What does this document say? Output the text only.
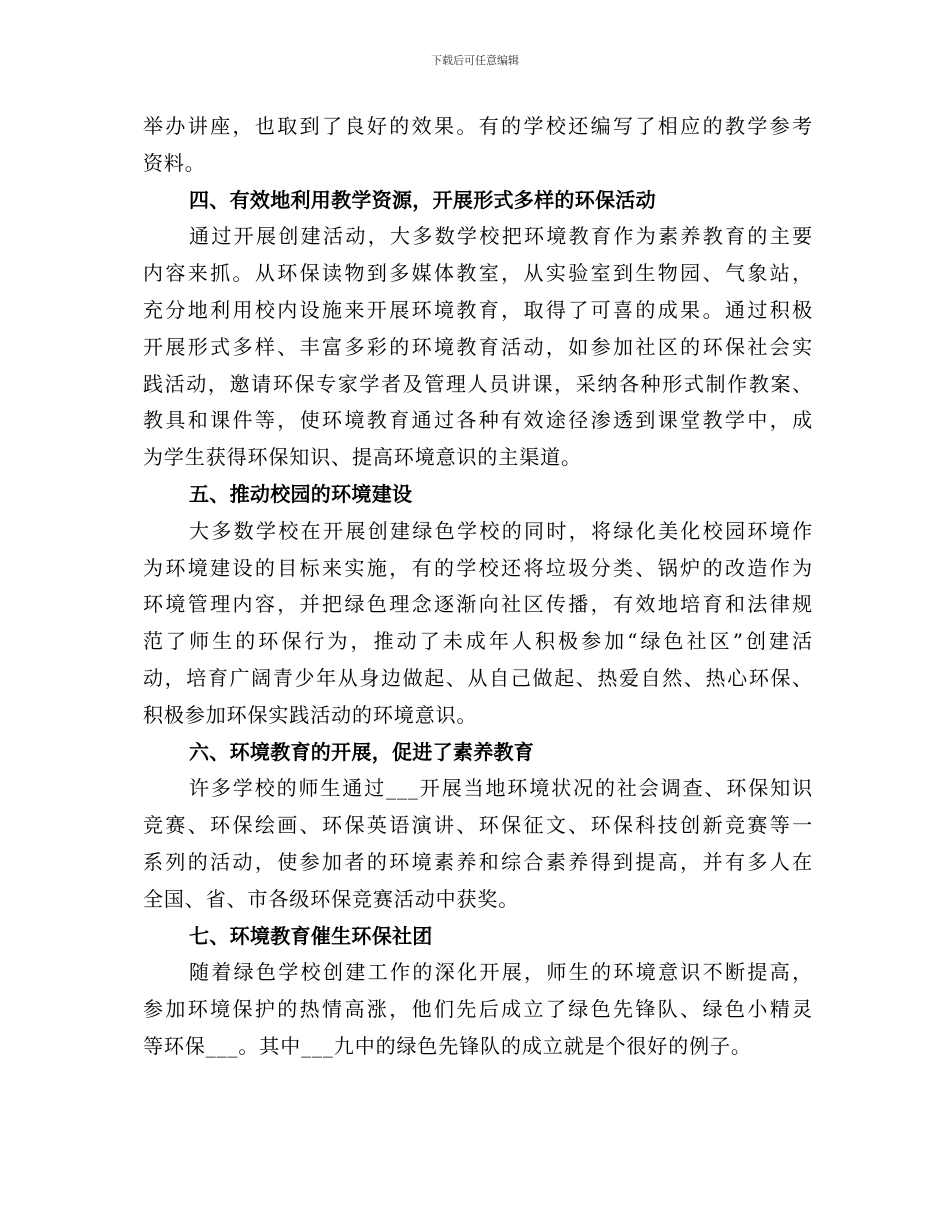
下载后可任意编辑
举办讲座，也取到了良好的效果。有的学校还编写了相应的教学参考
资料。
四、有效地利用教学资源，开展形式多样的环保活动
通过开展创建活动，大多数学校把环境教育作为素养教育的主要
内容来抓。从环保读物到多媒体教室，从实验室到生物园、气象站，
充分地利用校内设施来开展环境教育，取得了可喜的成果。通过积极
开展形式多样、丰富多彩的环境教育活动，如参加社区的环保社会实
践活动，邀请环保专家学者及管理人员讲课，采纳各种形式制作教案、
教具和课件等，使环境教育通过各种有效途径渗透到课堂教学中，成
为学生获得环保知识、提高环境意识的主渠道。
五、推动校园的环境建设
大多数学校在开展创建绿色学校的同时，将绿化美化校园环境作
为环境建设的目标来实施，有的学校还将垃圾分类、锅炉的改造作为
环境管理内容，并把绿色理念逐渐向社区传播，有效地培育和法律规
范了师生的环保行为，推动了未成年人积极参加“绿色社区”创建活
动，培育广阔青少年从身边做起、从自己做起、热爱自然、热心环保、
积极参加环保实践活动的环境意识。
六、环境教育的开展，促进了素养教育
许多学校的师生通过___开展当地环境状况的社会调查、环保知识
竞赛、环保绘画、环保英语演讲、环保征文、环保科技创新竞赛等一
系列的活动，使参加者的环境素养和综合素养得到提高，并有多人在
全国、省、市各级环保竞赛活动中获奖。
七、环境教育催生环保社团
随着绿色学校创建工作的深化开展，师生的环境意识不断提高，
参加环境保护的热情高涨，他们先后成立了绿色先锋队、绿色小精灵
等环保___。其中___九中的绿色先锋队的成立就是个很好的例子。
